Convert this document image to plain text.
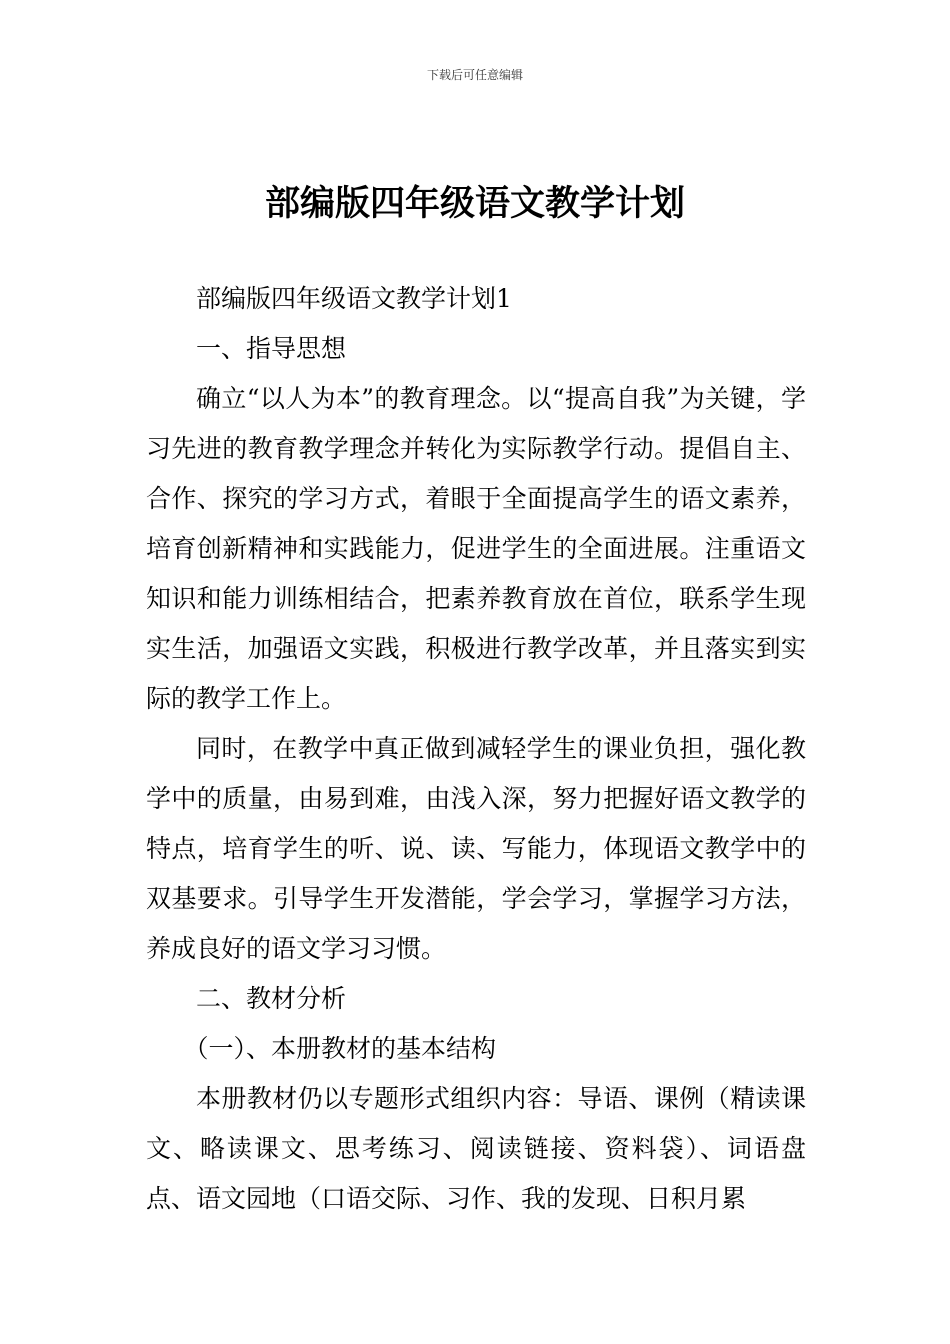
下载后可任意编辑
部编版四年级语文教学计划

部编版四年级语文教学计划1

一、指导思想

确立“以人为本”的教育理念。以“提高自我”为关键，学习先进的教育教学理念并转化为实际教学行动。提倡自主、合作、探究的学习方式，着眼于全面提高学生的语文素养，培育创新精神和实践能力，促进学生的全面进展。注重语文知识和能力训练相结合，把素养教育放在首位，联系学生现实生活，加强语文实践，积极进行教学改革，并且落实到实际的教学工作上。

同时，在教学中真正做到减轻学生的课业负担，强化教学中的质量，由易到难，由浅入深，努力把握好语文教学的特点，培育学生的听、说、读、写能力，体现语文教学中的双基要求。引导学生开发潜能，学会学习，掌握学习方法，养成良好的语文学习习惯。

二、教材分析

（一）、本册教材的基本结构

本册教材仍以专题形式组织内容：导语、课例（精读课文、略读课文、思考练习、阅读链接、资料袋）、词语盘点、语文园地（口语交际、习作、我的发现、日积月累
